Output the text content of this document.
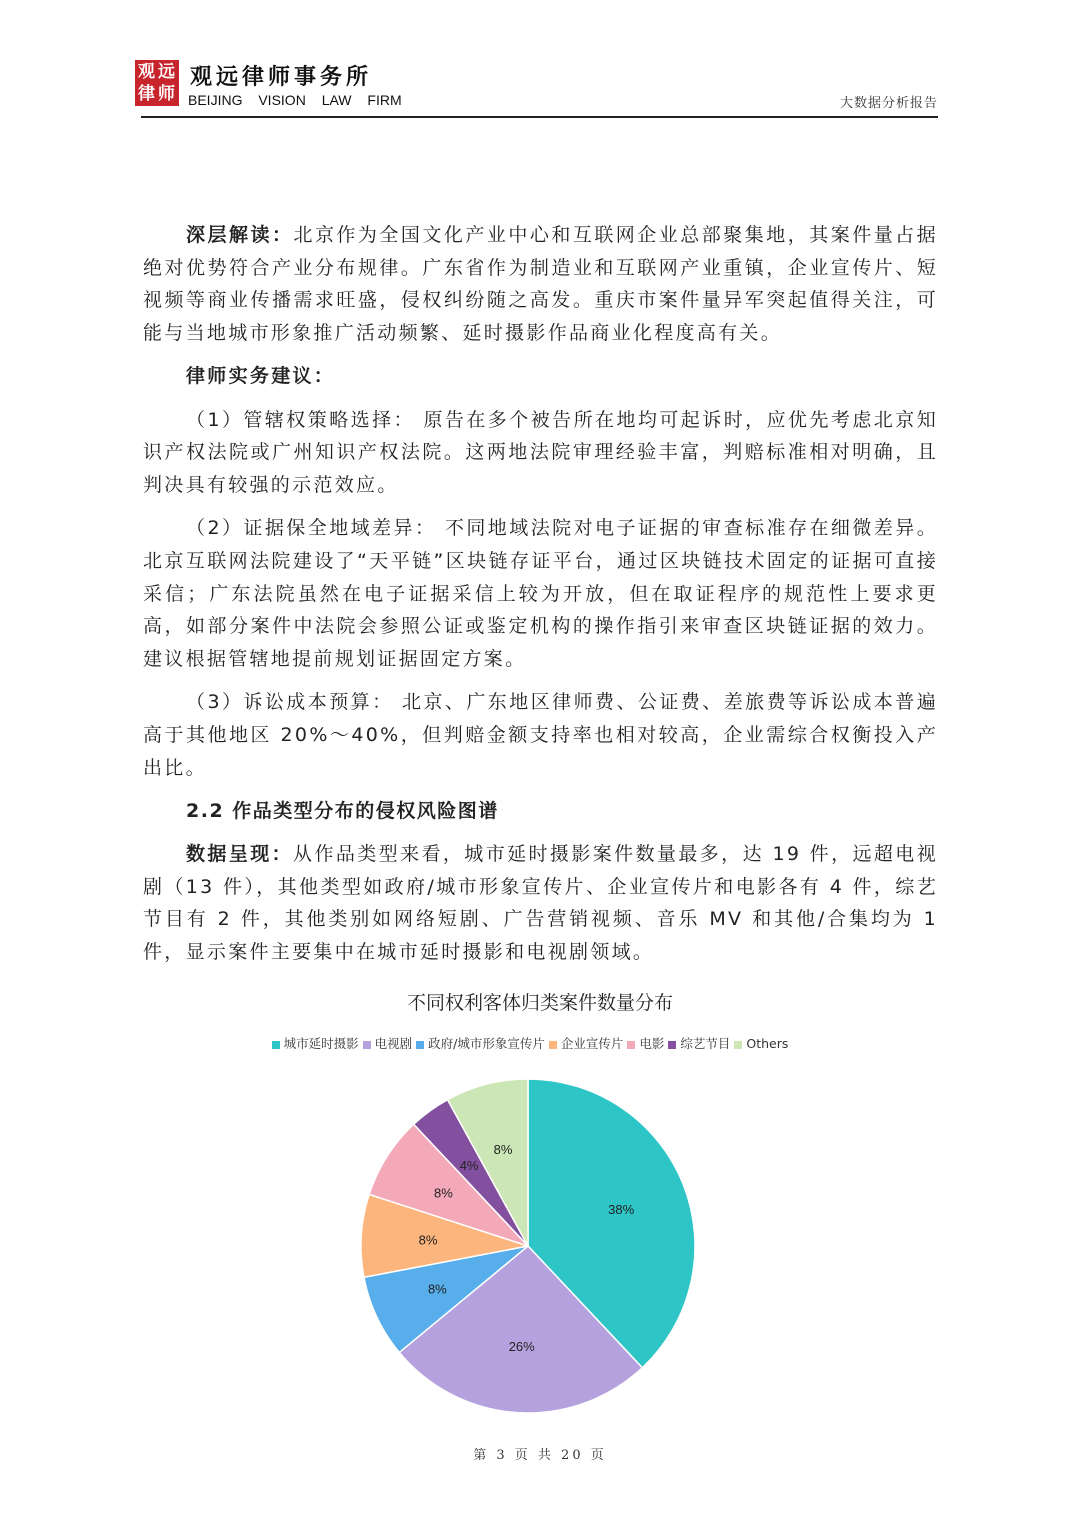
观 远
律 师
观远律师事务所
BEIJING VISION LAW FIRM	大数据分析报告

深层解读：北京作为全国文化产业中心和互联网企业总部聚集地，其案件量占据绝对优势符合产业分布规律。广东省作为制造业和互联网产业重镇，企业宣传片、短视频等商业传播需求旺盛，侵权纠纷随之高发。重庆市案件量异军突起值得关注，可能与当地城市形象推广活动频繁、延时摄影作品商业化程度高有关。

律师实务建议：

（1）管辖权策略选择： 原告在多个被告所在地均可起诉时，应优先考虑北京知识产权法院或广州知识产权法院。这两地法院审理经验丰富，判赔标准相对明确，且判决具有较强的示范效应。

（2）证据保全地域差异： 不同地域法院对电子证据的审查标准存在细微差异。北京互联网法院建设了“天平链”区块链存证平台，通过区块链技术固定的证据可直接采信；广东法院虽然在电子证据采信上较为开放，但在取证程序的规范性上要求更高，如部分案件中法院会参照公证或鉴定机构的操作指引来审查区块链证据的效力。建议根据管辖地提前规划证据固定方案。

（3）诉讼成本预算： 北京、广东地区律师费、公证费、差旅费等诉讼成本普遍高于其他地区 20%～40%，但判赔金额支持率也相对较高，企业需综合权衡投入产出比。

2.2 作品类型分布的侵权风险图谱

数据呈现：从作品类型来看，城市延时摄影案件数量最多，达 19 件，远超电视剧（13 件），其他类型如政府/城市形象宣传片、企业宣传片和电影各有 4 件，综艺节目有 2 件，其他类别如网络短剧、广告营销视频、音乐 MV 和其他/合集均为 1 件，显示案件主要集中在城市延时摄影和电视剧领域。

不同权利客体归类案件数量分布
城市延时摄影 电视剧 政府/城市形象宣传片 企业宣传片 电影 综艺节目 Others
38%
26%
8%
8%
8%
4%
8%
第 3 页 共 20 页
